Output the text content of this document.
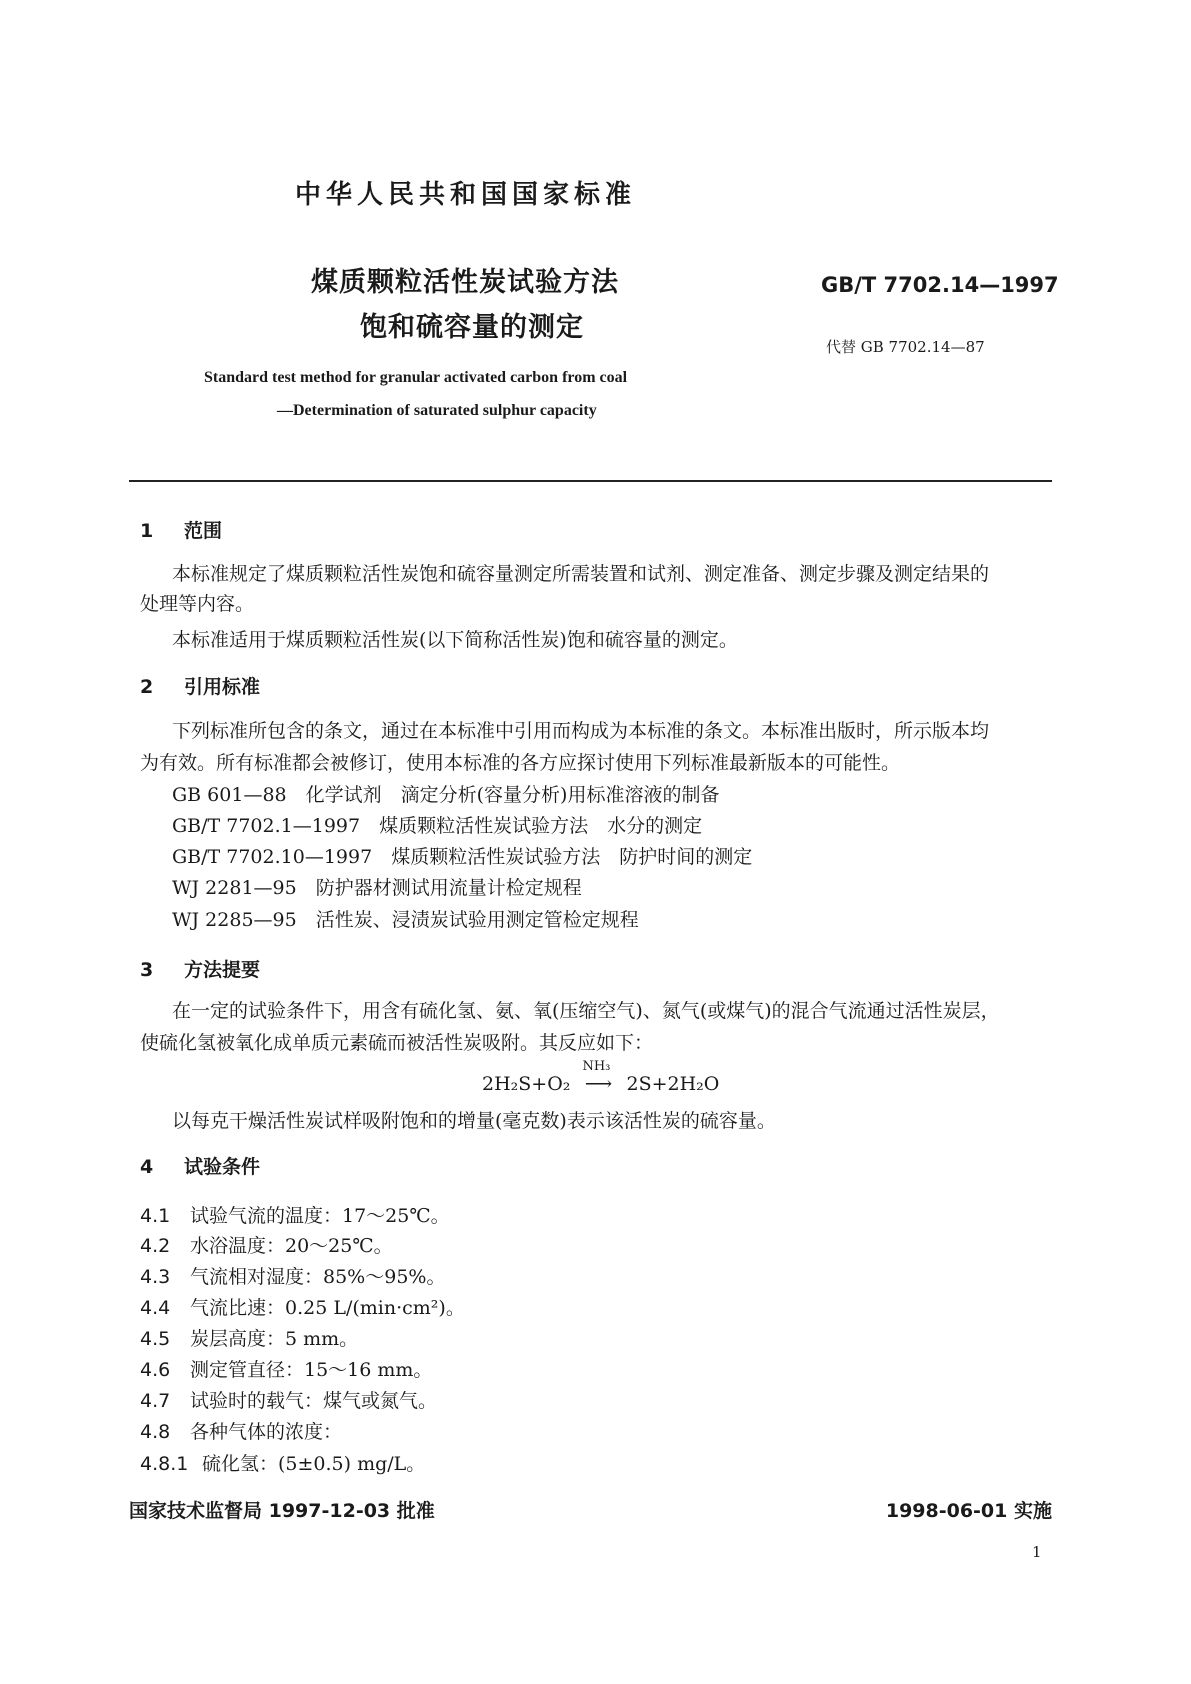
中华人民共和国国家标准
煤质颗粒活性炭试验方法
饱和硫容量的测定
GB/T 7702.14—1997
代替 GB 7702.14—87
Standard test method for granular activated carbon from coal
—Determination of saturated sulphur capacity
1 范围
本标准规定了煤质颗粒活性炭饱和硫容量测定所需装置和试剂、测定准备、测定步骤及测定结果的
处理等内容。
本标准适用于煤质颗粒活性炭(以下简称活性炭)饱和硫容量的测定。
2 引用标准
下列标准所包含的条文，通过在本标准中引用而构成为本标准的条文。本标准出版时，所示版本均
为有效。所有标准都会被修订，使用本标准的各方应探讨使用下列标准最新版本的可能性。
GB 601—88　 化学试剂　滴定分析(容量分析)用标准溶液的制备
GB/T 7702.1—1997　 煤质颗粒活性炭试验方法　水分的测定
GB/T 7702.10—1997　 煤质颗粒活性炭试验方法　防护时间的测定
WJ 2281—95　 防护器材测试用流量计检定规程
WJ 2285—95　 活性炭、浸渍炭试验用测定管检定规程
3 方法提要
在一定的试验条件下，用含有硫化氢、氨、氧(压缩空气)、氮气(或煤气)的混合气流通过活性炭层，
使硫化氢被氧化成单质元素硫而被活性炭吸附。其反应如下：
2H₂S+O₂
NH₃
⟶ 2S+2H₂O
以每克干燥活性炭试样吸附饱和的增量(毫克数)表示该活性炭的硫容量。
4 试验条件
4.1 试验气流的温度：17～25℃。
4.2 水浴温度：20～25℃。
4.3 气流相对湿度：85%～95%。
4.4 气流比速：0.25 L/(min·cm²)。
4.5 炭层高度：5 mm。
4.6 测定管直径：15～16 mm。
4.7 试验时的载气：煤气或氮气。
4.8 各种气体的浓度：
4.8.1 硫化氢：(5±0.5) mg/L。
国家技术监督局 1997-12-03 批准	1998-06-01 实施
1
